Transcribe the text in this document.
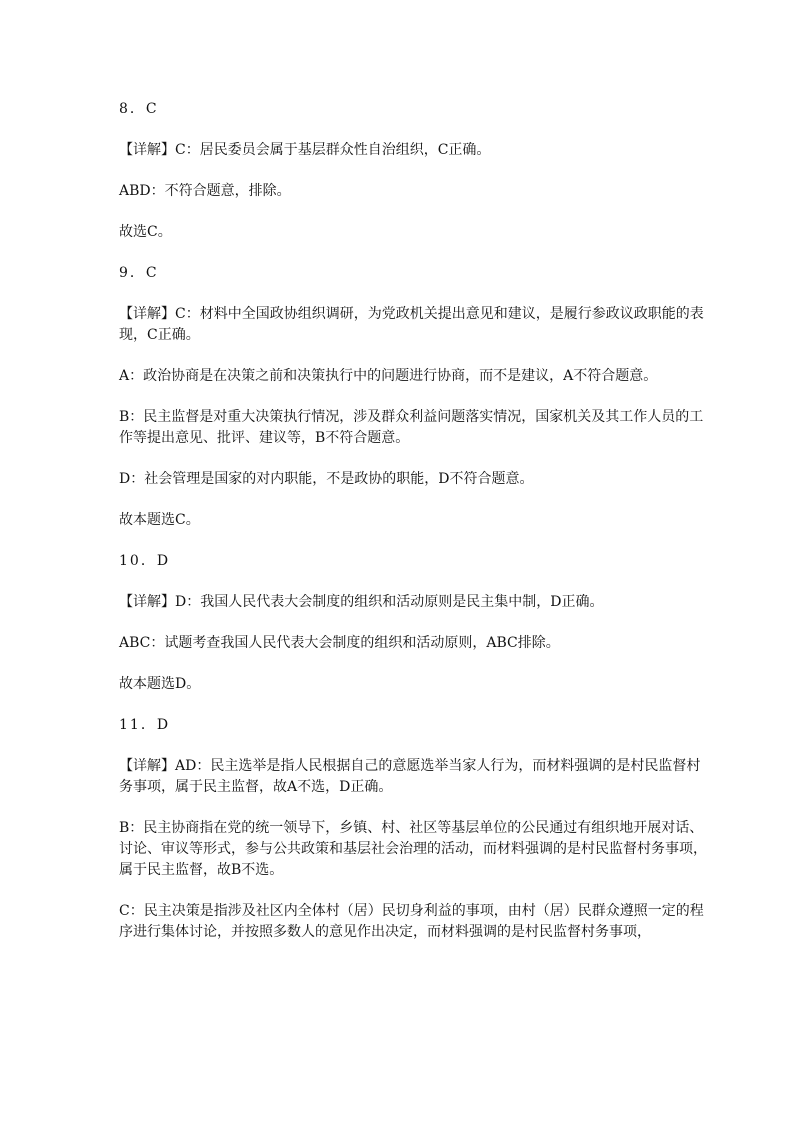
8．C

【详解】C：居民委员会属于基层群众性自治组织，C正确。

ABD：不符合题意，排除。

故选C。

9．C

【详解】C：材料中全国政协组织调研，为党政机关提出意见和建议，是履行参政议政职能的表现，C正确。

A：政治协商是在决策之前和决策执行中的问题进行协商，而不是建议，A不符合题意。

B：民主监督是对重大决策执行情况，涉及群众利益问题落实情况，国家机关及其工作人员的工作等提出意见、批评、建议等，B不符合题意。

D：社会管理是国家的对内职能，不是政协的职能，D不符合题意。

故本题选C。

10．D

【详解】D：我国人民代表大会制度的组织和活动原则是民主集中制，D正确。

ABC：试题考查我国人民代表大会制度的组织和活动原则，ABC排除。

故本题选D。

11．D

【详解】AD：民主选举是指人民根据自己的意愿选举当家人行为，而材料强调的是村民监督村务事项，属于民主监督，故A不选，D正确。

B：民主协商指在党的统一领导下，乡镇、村、社区等基层单位的公民通过有组织地开展对话、讨论、审议等形式，参与公共政策和基层社会治理的活动，而材料强调的是村民监督村务事项，属于民主监督，故B不选。

C：民主决策是指涉及社区内全体村（居）民切身利益的事项，由村（居）民群众遵照一定的程序进行集体讨论，并按照多数人的意见作出决定，而材料强调的是村民监督村务事项，
